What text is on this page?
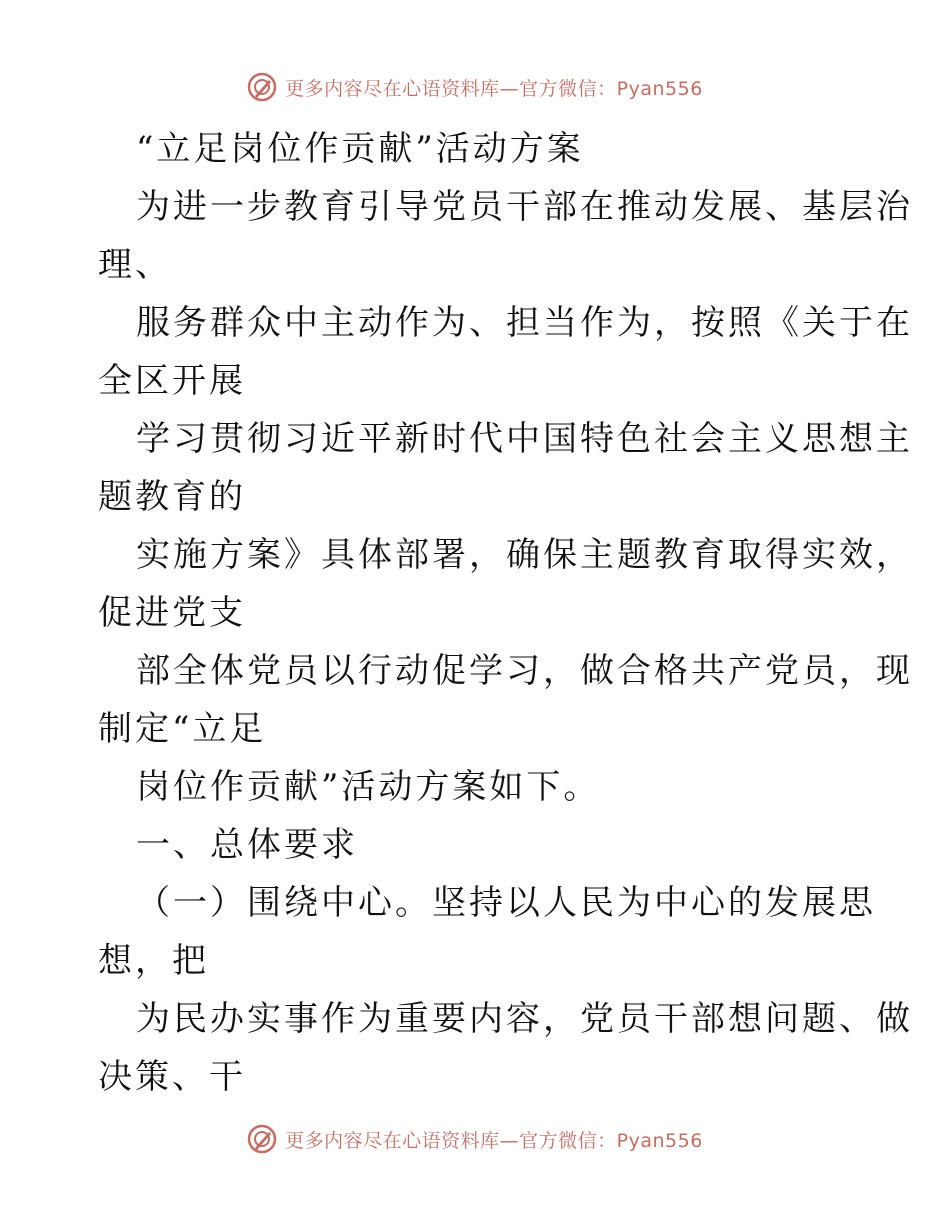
更多内容尽在心语资料库—官方微信：Pyan556
“立足岗位作贡献”活动方案
为进一步教育引导党员干部在推动发展、基层治
理、
服务群众中主动作为、担当作为，按照《关于在
全区开展
学习贯彻习近平新时代中国特色社会主义思想主
题教育的
实施方案》具体部署，确保主题教育取得实效，
促进党支
部全体党员以行动促学习，做合格共产党员，现
制定“立足
岗位作贡献”活动方案如下。
一、总体要求
（一）围绕中心。坚持以人民为中心的发展思
想，把
为民办实事作为重要内容，党员干部想问题、做
决策、干
更多内容尽在心语资料库—官方微信：Pyan556
